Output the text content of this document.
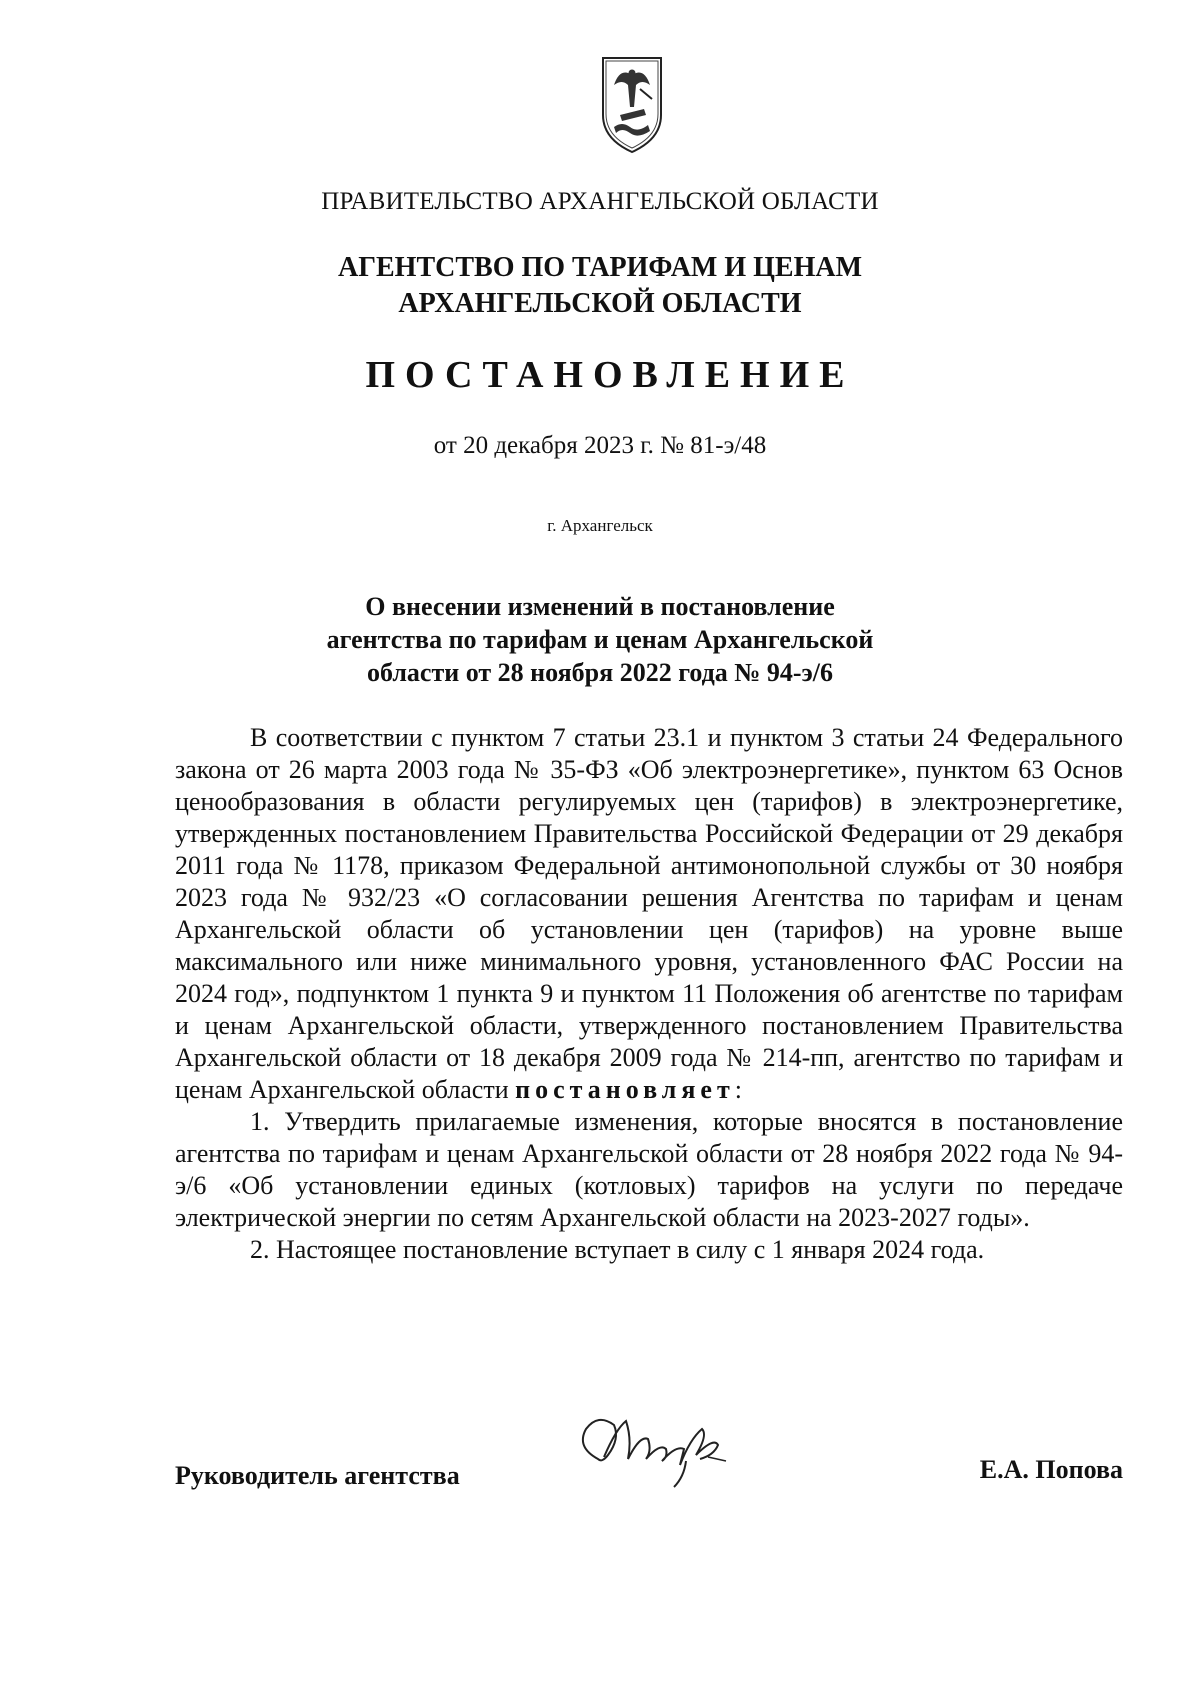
ПРАВИТЕЛЬСТВО АРХАНГЕЛЬСКОЙ ОБЛАСТИ
АГЕНТСТВО ПО ТАРИФАМ И ЦЕНАМ
АРХАНГЕЛЬСКОЙ ОБЛАСТИ
ПОСТАНОВЛЕНИЕ
от 20 декабря 2023 г. № 81-э/48
г. Архангельск
О внесении изменений в постановление
агентства по тарифам и ценам Архангельской
области от 28 ноября 2022 года № 94-э/6

В соответствии с пунктом 7 статьи 23.1 и пунктом 3 статьи 24 Федерального закона от 26 марта 2003 года № 35-ФЗ «Об электроэнергетике», пунктом 63 Основ ценообразования в области регулируемых цен (тарифов) в электроэнергетике, утвержденных постановлением Правительства Российской Федерации от 29 декабря 2011 года № 1178, приказом Федеральной антимонопольной службы от 30 ноября 2023 года № 932/23 «О согласовании решения Агентства по тарифам и ценам Архангельской области об установлении цен (тарифов) на уровне выше максимального или ниже минимального уровня, установленного ФАС России на 2024 год», подпунктом 1 пункта 9 и пунктом 11 Положения об агентстве по тарифам и ценам Архангельской области, утвержденного постановлением Правительства Архангельской области от 18 декабря 2009 года № 214-пп, агентство по тарифам и ценам Архангельской области постановляет:

1. Утвердить прилагаемые изменения, которые вносятся в постановление агентства по тарифам и ценам Архангельской области от 28 ноября 2022 года № 94-э/6 «Об установлении единых (котловых) тарифов на услуги по передаче электрической энергии по сетям Архангельской области на 2023-2027 годы».

2. Настоящее постановление вступает в силу с 1 января 2024 года.

Руководитель агентства	Е.А. Попова
